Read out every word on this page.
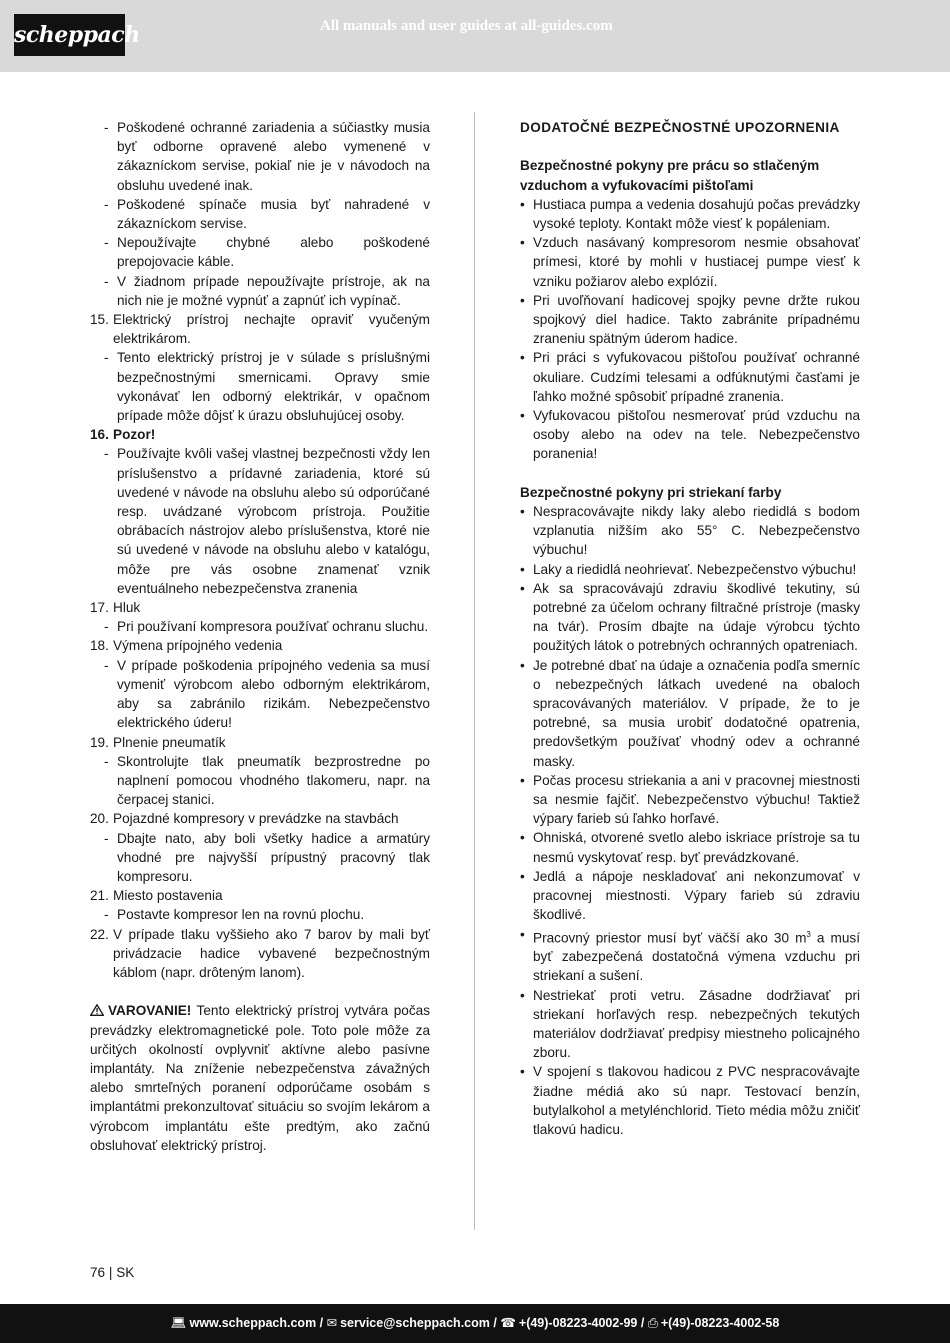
scheppach	All manuals and user guides at all-guides.com

- Poškodené ochranné zariadenia a súčiastky musia byť odborne opravené alebo vymenené v zákazníckom servise, pokiaľ nie je v návodoch na obsluhu uvedené inak.

- Poškodené spínače musia byť nahradené v zákazníckom servise.

- Nepoužívajte chybné alebo poškodené prepojovacie káble.

- V žiadnom prípade nepoužívajte prístroje, ak na nich nie je možné vypnúť a zapnúť ich vypínač.

15. Elektrický prístroj nechajte opraviť vyučeným elektrikárom.

- Tento elektrický prístroj je v súlade s príslušnými bezpečnostnými smernicami. Opravy smie vykonávať len odborný elektrikár, v opačnom prípade môže dôjsť k úrazu obsluhujúcej osoby.

16. Pozor!

- Používajte kvôli vašej vlastnej bezpečnosti vždy len príslušenstvo a prídavné zariadenia, ktoré sú uvedené v návode na obsluhu alebo sú odporúčané resp. uvádzané výrobcom prístroja. Použitie obrábacích nástrojov alebo príslušenstva, ktoré nie sú uvedené v návode na obsluhu alebo v katalógu, môže pre vás osobne znamenať vznik eventuálneho nebezpečenstva zranenia

17. Hluk

- Pri používaní kompresora používať ochranu sluchu.

18. Výmena prípojného vedenia

- V prípade poškodenia prípojného vedenia sa musí vymeniť výrobcom alebo odborným elektrikárom, aby sa zabránilo rizikám. Nebezpečenstvo elektrického úderu!

19. Plnenie pneumatík

- Skontrolujte tlak pneumatík bezprostredne po naplnení pomocou vhodného tlakomeru, napr. na čerpacej stanici.

20. Pojazdné kompresory v prevádzke na stavbách

- Dbajte nato, aby boli všetky hadice a armatúry vhodné pre najvyšší prípustný pracovný tlak kompresoru.

21. Miesto postavenia

- Postavte kompresor len na rovnú plochu.

22. V prípade tlaku vyššieho ako 7 barov by mali byť privádzacie hadice vybavené bezpečnostným káblom (napr. drôteným lanom).

VAROVANIE! Tento elektrický prístroj vytvára počas prevádzky elektromagnetické pole. Toto pole môže za určitých okolností ovplyvniť aktívne alebo pasívne implantáty. Na zníženie nebezpečenstva závažných alebo smrteľných poranení odporúčame osobám s implantátmi prekonzultovať situáciu so svojím lekárom a výrobcom implantátu ešte predtým, ako začnú obsluhovať elektrický prístroj.

DODATOČNÉ BEZPEČNOSTNÉ UPOZORNENIA

Bezpečnostné pokyny pre prácu so stlačeným vzduchom a vyfukovacími pištoľami

• Hustiaca pumpa a vedenia dosahujú počas prevádzky vysoké teploty. Kontakt môže viesť k popáleniam.

• Vzduch nasávaný kompresorom nesmie obsahovať prímesi, ktoré by mohli v hustiacej pumpe viesť k vzniku požiarov alebo explózií.

• Pri uvoľňovaní hadicovej spojky pevne držte rukou spojkový diel hadice. Takto zabránite prípadnému zraneniu spätným úderom hadice.

• Pri práci s vyfukovacou pištoľou používať ochranné okuliare. Cudzími telesami a odfúknutými časťami je ľahko možné spôsobiť prípadné zranenia.

• Vyfukovacou pištoľou nesmerovať prúd vzduchu na osoby alebo na odev na tele. Nebezpečenstvo poranenia!

Bezpečnostné pokyny pri striekaní farby

• Nespracovávajte nikdy laky alebo riedidlá s bodom vzplanutia nižším ako 55° C. Nebezpečenstvo výbuchu!

• Laky a riedidlá neohrievať. Nebezpečenstvo výbuchu!

• Ak sa spracovávajú zdraviu škodlivé tekutiny, sú potrebné za účelom ochrany filtračné prístroje (masky na tvár). Prosím dbajte na údaje výrobcu týchto použitých látok o potrebných ochranných opatreniach.

• Je potrebné dbať na údaje a označenia podľa smerníc o nebezpečných látkach uvedené na obaloch spracovávaných materiálov. V prípade, že to je potrebné, sa musia urobiť dodatočné opatrenia, predovšetkým používať vhodný odev a ochranné masky.

• Počas procesu striekania a ani v pracovnej miestnosti sa nesmie fajčiť. Nebezpečenstvo výbuchu! Taktiež výpary farieb sú ľahko horľavé.

• Ohniská, otvorené svetlo alebo iskriace prístroje sa tu nesmú vyskytovať resp. byť prevádzkované.

• Jedlá a nápoje neskladovať ani nekonzumovať v pracovnej miestnosti. Výpary farieb sú zdraviu škodlivé.

• Pracovný priestor musí byť väčší ako 30 $m^3$ a musí byť zabezpečená dostatočná výmena vzduchu pri striekaní a sušení.

• Nestriekať proti vetru. Zásadne dodržiavať pri striekaní horľavých resp. nebezpečných tekutých materiálov dodržiavať predpisy miestneho policajného zboru.

• V spojení s tlakovou hadicou z PVC nespracovávajte žiadne médiá ako sú napr. Testovací benzín, butylalkohol a metylénchlorid. Tieto média môžu zničiť tlakovú hadicu.

76 | SK
💻︎ www.scheppach.com / ✉ service@scheppach.com / ☎ +(49)-08223-4002-99 / ⎙ +(49)-08223-4002-58
